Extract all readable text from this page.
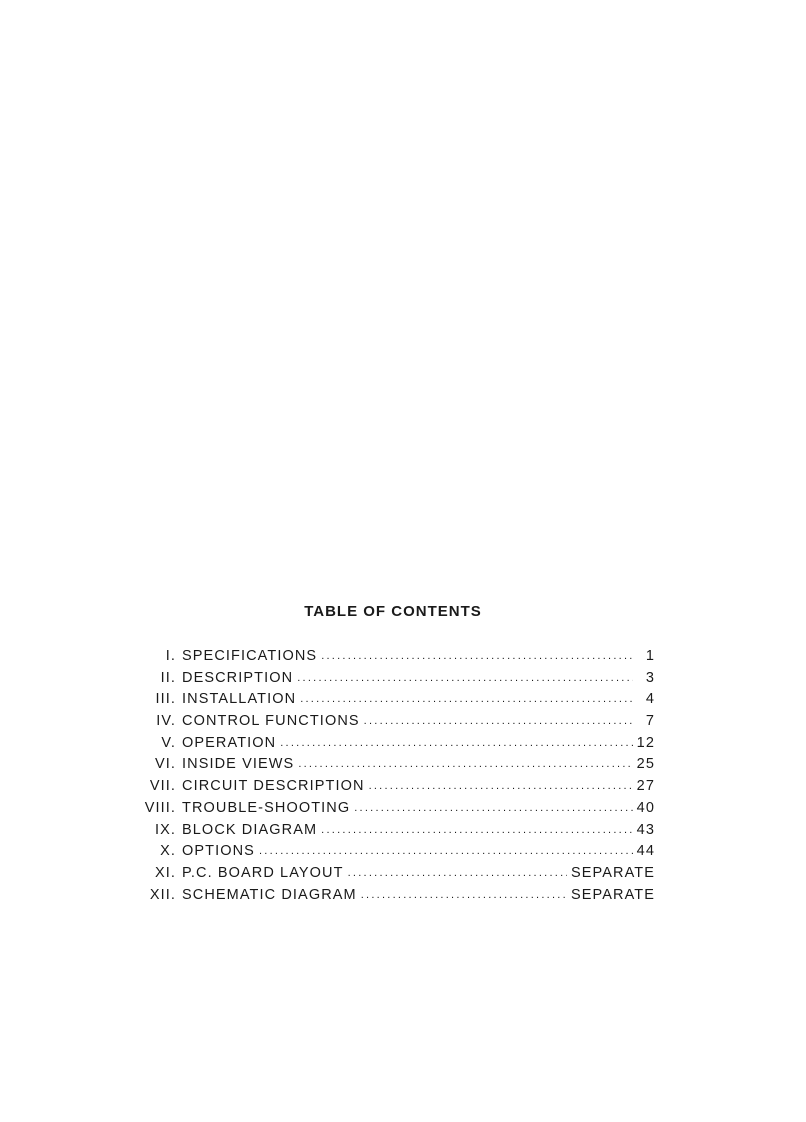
TABLE OF CONTENTS
I. SPECIFICATIONS . . .	1
II. DESCRIPTION . . .	3
III. INSTALLATION . . .	4
IV. CONTROL FUNCTIONS . . .	7
V. OPERATION . . .	12
VI. INSIDE VIEWS . . .	25
VII. CIRCUIT DESCRIPTION . . .	27
VIII. TROUBLE-SHOOTING . . .	40
IX. BLOCK DIAGRAM . . .	43
X. OPTIONS . . .	44
XI. P.C. BOARD LAYOUT . . .	SEPARATE
XII. SCHEMATIC DIAGRAM . . .	SEPARATE
